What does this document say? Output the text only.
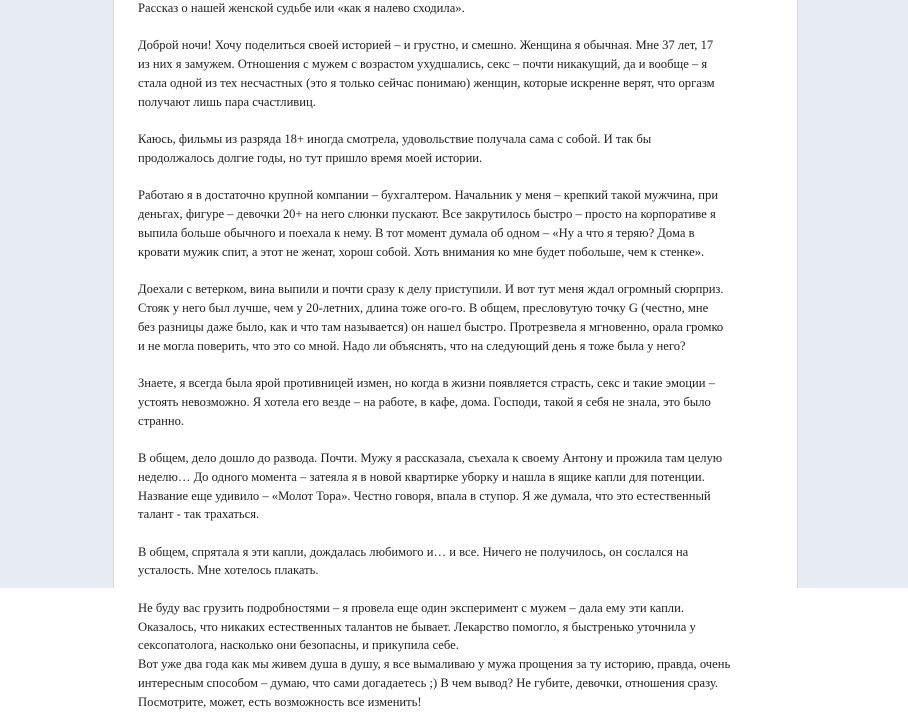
Рассказ о нашей женской судьбе или «как я налево сходила».

Доброй ночи! Хочу поделиться своей историей – и грустно, и смешно. Женщина я обычная. Мне 37 лет, 17
из них я замужем. Отношения с мужем с возрастом ухудшались, секс – почти никакущий, да и вообще – я
стала одной из тех несчастных (это я только сейчас понимаю) женщин, которые искренне верят, что оргазм
получают лишь пара счастливиц.

Каюсь, фильмы из разряда 18+ иногда смотрела, удовольствие получала сама с собой. И так бы
продолжалось долгие годы, но тут пришло время моей истории.

Работаю я в достаточно крупной компании – бухгалтером. Начальник у меня – крепкий такой мужчина, при
деньгах, фигуре – девочки 20+ на него слюнки пускают. Все закрутилось быстро – просто на корпоративе я
выпила больше обычного и поехала к нему. В тот момент думала об одном – «Ну а что я теряю? Дома в
кровати мужик спит, а этот не женат, хорош собой. Хоть внимания ко мне будет побольше, чем к стенке».

Доехали с ветерком, вина выпили и почти сразу к делу приступили. И вот тут меня ждал огромный сюрприз.
Стояк у него был лучше, чем у 20-летних, длина тоже ого-го. В общем, пресловутую точку G (честно, мне
без разницы даже было, как и что там называется) он нашел быстро. Протрезвела я мгновенно, орала громко
и не могла поверить, что это со мной. Надо ли объяснять, что на следующий день я тоже была у него?

Знаете, я всегда была ярой противницей измен, но когда в жизни появляется страсть, секс и такие эмоции –
устоять невозможно. Я хотела его везде – на работе, в кафе, дома. Господи, такой я себя не знала, это было
странно.

В общем, дело дошло до развода. Почти. Мужу я рассказала, съехала к своему Антону и прожила там целую
неделю… До одного момента – затеяла я в новой квартирке уборку и нашла в ящике капли для потенции.
Название еще удивило – «Молот Тора». Честно говоря, впала в ступор. Я же думала, что это естественный
талант - так трахаться.

В общем, спрятала я эти капли, дождалась любимого и… и все. Ничего не получилось, он сослался на
усталость. Мне хотелось плакать.

Не буду вас грузить подробностями – я провела еще один эксперимент с мужем – дала ему эти капли.
Оказалось, что никаких естественных талантов не бывает. Лекарство помогло, я быстренько уточнила у
сексопатолога, насколько они безопасны, и прикупила себе.

Вот уже два года как мы живем душа в душу, я все вымаливаю у мужа прощения за ту историю, правда, очень
интересным способом – думаю, что сами догадаетесь ;) В чем вывод? Не губите, девочки, отношения сразу.
Посмотрите, может, есть возможность все изменить!
